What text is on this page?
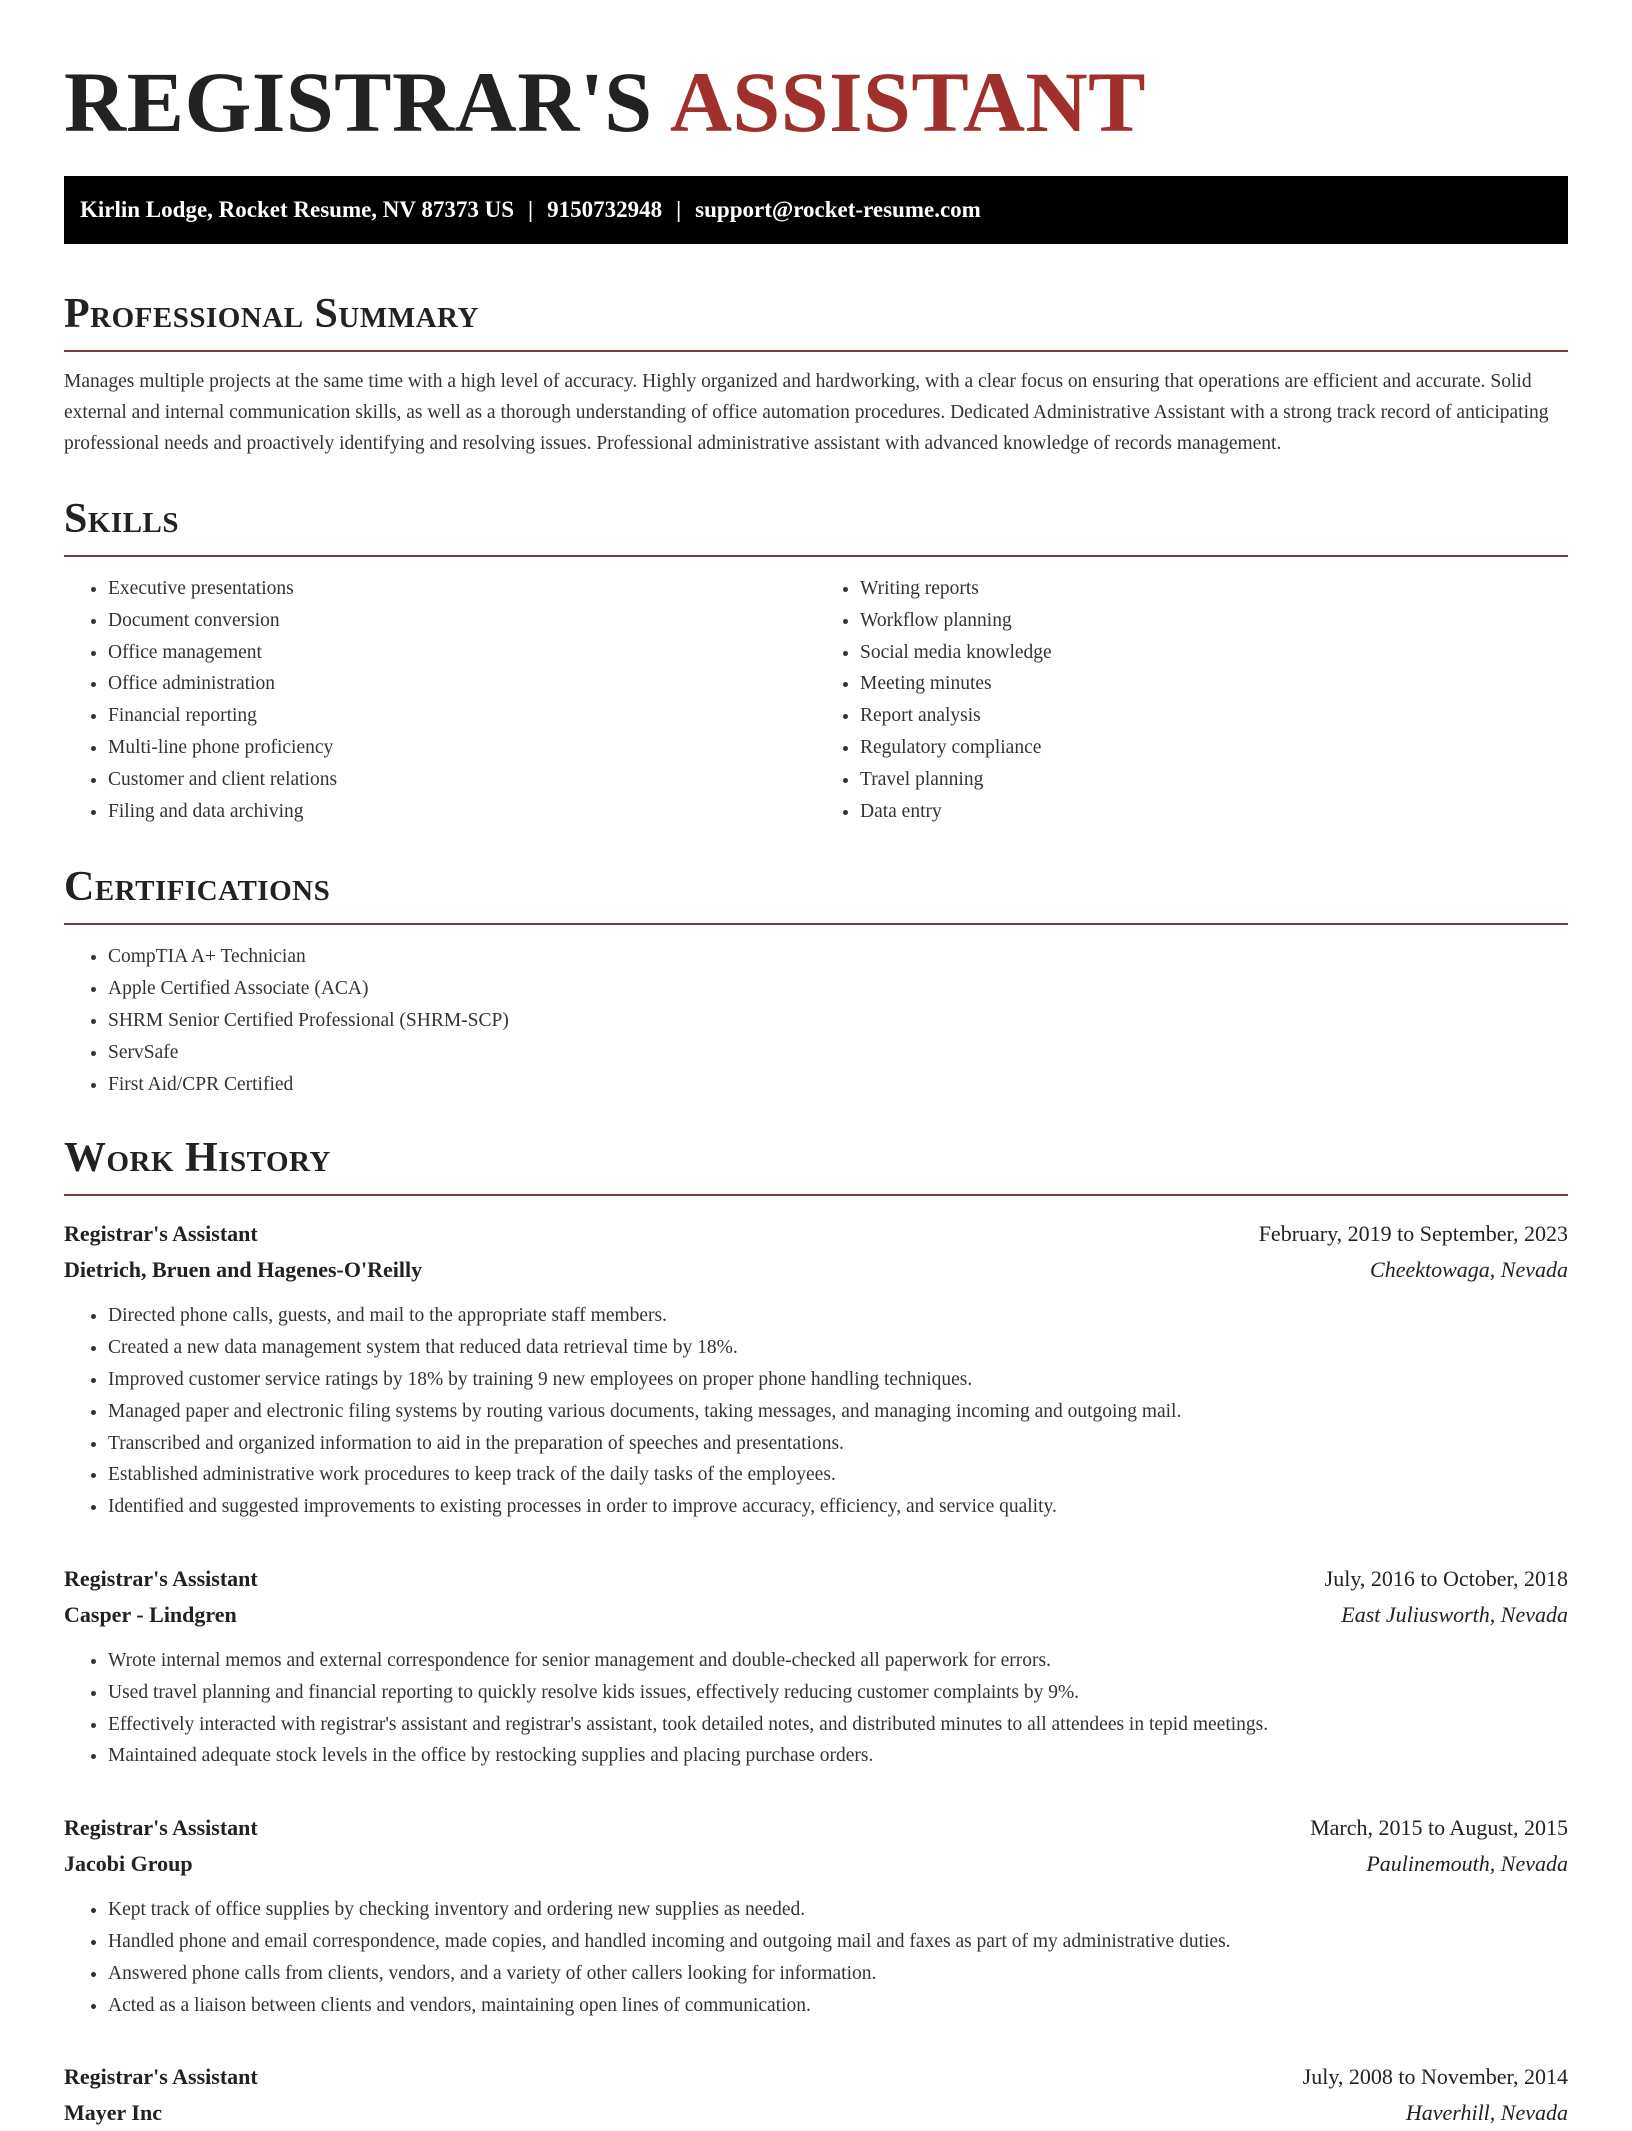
REGISTRAR'S ASSISTANT
Kirlin Lodge, Rocket Resume, NV 87373 US | 9150732948 | support@rocket-resume.com
Professional Summary

Manages multiple projects at the same time with a high level of accuracy. Highly organized and hardworking, with a clear focus on ensuring that operations are efficient and accurate. Solid external and internal communication skills, as well as a thorough understanding of office automation procedures. Dedicated Administrative Assistant with a strong track record of anticipating professional needs and proactively identifying and resolving issues. Professional administrative assistant with advanced knowledge of records management.

Skills
• Executive presentations
• Document conversion
• Office management
• Office administration
• Financial reporting
• Multi-line phone proficiency
• Customer and client relations
• Filing and data archiving
• Writing reports
• Workflow planning
• Social media knowledge
• Meeting minutes
• Report analysis
• Regulatory compliance
• Travel planning
• Data entry
Certifications
• CompTIA A+ Technician
• Apple Certified Associate (ACA)
• SHRM Senior Certified Professional (SHRM-SCP)
• ServSafe
• First Aid/CPR Certified
Work History
Registrar's Assistant	February, 2019 to September, 2023
Dietrich, Bruen and Hagenes-O'Reilly	Cheektowaga, Nevada
• Directed phone calls, guests, and mail to the appropriate staff members.
• Created a new data management system that reduced data retrieval time by 18%.
• Improved customer service ratings by 18% by training 9 new employees on proper phone handling techniques.
• Managed paper and electronic filing systems by routing various documents, taking messages, and managing incoming and outgoing mail.
• Transcribed and organized information to aid in the preparation of speeches and presentations.
• Established administrative work procedures to keep track of the daily tasks of the employees.
• Identified and suggested improvements to existing processes in order to improve accuracy, efficiency, and service quality.
Registrar's Assistant	July, 2016 to October, 2018
Casper - Lindgren	East Juliusworth, Nevada
• Wrote internal memos and external correspondence for senior management and double-checked all paperwork for errors.
• Used travel planning and financial reporting to quickly resolve kids issues, effectively reducing customer complaints by 9%.
• Effectively interacted with registrar's assistant and registrar's assistant, took detailed notes, and distributed minutes to all attendees in tepid meetings.
• Maintained adequate stock levels in the office by restocking supplies and placing purchase orders.
Registrar's Assistant	March, 2015 to August, 2015
Jacobi Group	Paulinemouth, Nevada
• Kept track of office supplies by checking inventory and ordering new supplies as needed.
• Handled phone and email correspondence, made copies, and handled incoming and outgoing mail and faxes as part of my administrative duties.
• Answered phone calls from clients, vendors, and a variety of other callers looking for information.
• Acted as a liaison between clients and vendors, maintaining open lines of communication.
Registrar's Assistant	July, 2008 to November, 2014
Mayer Inc	Haverhill, Nevada
